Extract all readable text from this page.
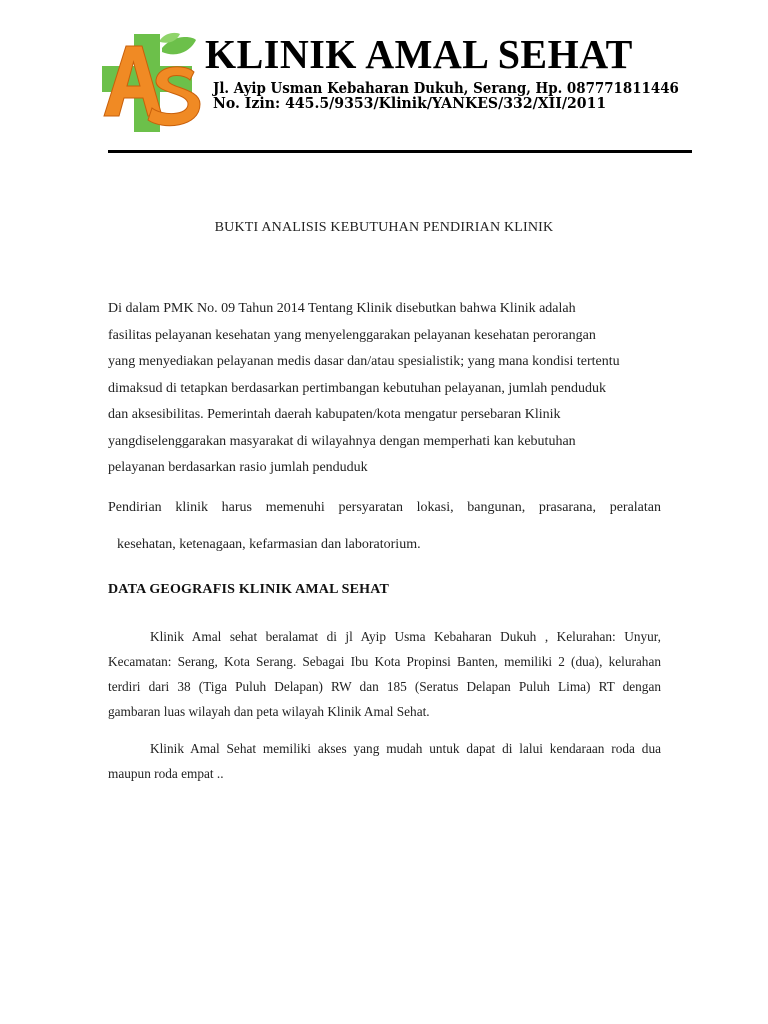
KLINIK AMAL SEHAT
Jl. Ayip Usman Kebaharan Dukuh, Serang, Hp. 087771811446
No. Izin: 445.5/9353/Klinik/YANKES/332/XII/2011
BUKTI ANALISIS KEBUTUHAN PENDIRIAN KLINIK
Di dalam PMK No. 09 Tahun 2014 Tentang Klinik disebutkan bahwa Klinik adalah
fasilitas pelayanan kesehatan yang menyelenggarakan pelayanan kesehatan perorangan
yang menyediakan pelayanan medis dasar dan/atau spesialistik; yang mana kondisi tertentu
dimaksud di tetapkan berdasarkan pertimbangan kebutuhan pelayanan, jumlah penduduk
dan aksesibilitas. Pemerintah daerah kabupaten/kota mengatur persebaran Klinik
yangdiselenggarakan masyarakat di wilayahnya dengan memperhati kan kebutuhan
pelayanan berdasarkan rasio jumlah penduduk
Pendirian klinik harus memenuhi persyaratan lokasi, bangunan, prasarana, peralatan
kesehatan, ketenagaan, kefarmasian dan laboratorium.
DATA GEOGRAFIS KLINIK AMAL SEHAT
Klinik Amal sehat beralamat di jl Ayip Usma Kebaharan Dukuh , Kelurahan: Unyur,
Kecamatan: Serang, Kota Serang. Sebagai Ibu Kota Propinsi Banten, memiliki 2 (dua), kelurahan
terdiri dari 38 (Tiga Puluh Delapan) RW dan 185 (Seratus Delapan Puluh Lima) RT dengan
gambaran luas wilayah dan peta wilayah Klinik Amal Sehat.
Klinik Amal Sehat memiliki akses yang mudah untuk dapat di lalui kendaraan roda dua
maupun roda empat ..
